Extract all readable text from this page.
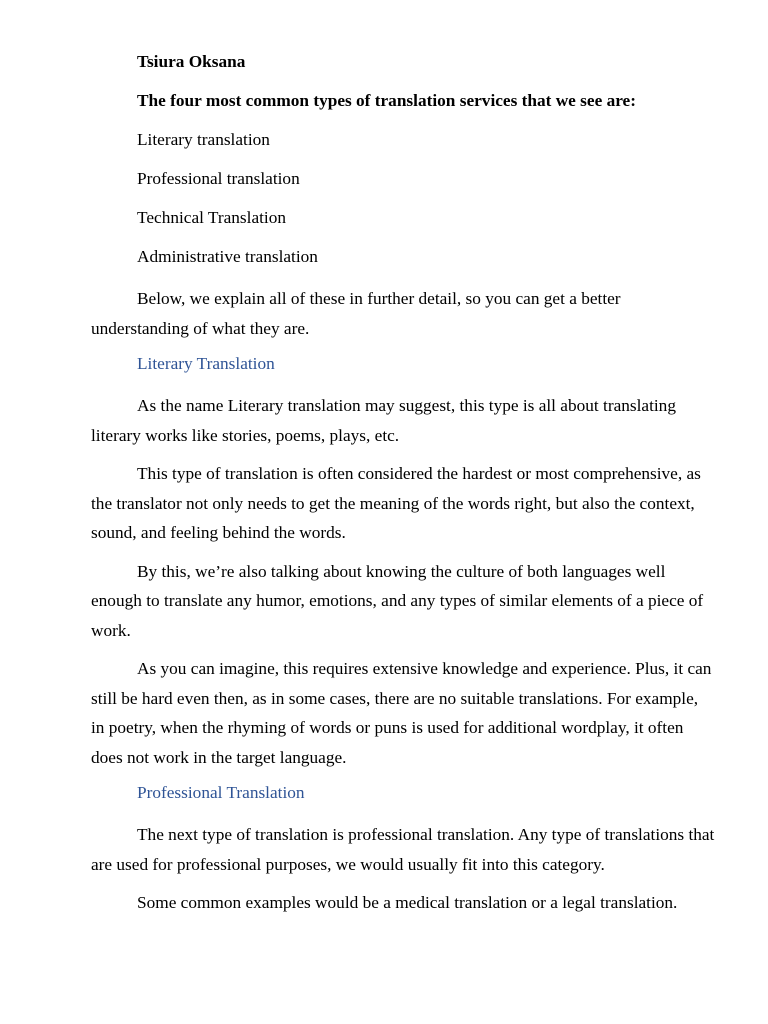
Tsiura Oksana

The four most common types of translation services that we see are:

Literary translation

Professional translation

Technical Translation

Administrative translation

Below, we explain all of these in further detail, so you can get a better understanding of what they are.

Literary Translation

As the name Literary translation may suggest, this type is all about translating literary works like stories, poems, plays, etc.

This type of translation is often considered the hardest or most comprehensive, as the translator not only needs to get the meaning of the words right, but also the context, sound, and feeling behind the words.

By this, we’re also talking about knowing the culture of both languages well enough to translate any humor, emotions, and any types of similar elements of a piece of work.

As you can imagine, this requires extensive knowledge and experience. Plus, it can still be hard even then, as in some cases, there are no suitable translations. For example, in poetry, when the rhyming of words or puns is used for additional wordplay, it often does not work in the target language.

Professional Translation

The next type of translation is professional translation. Any type of translations that are used for professional purposes, we would usually fit into this category.

Some common examples would be a medical translation or a legal translation.
